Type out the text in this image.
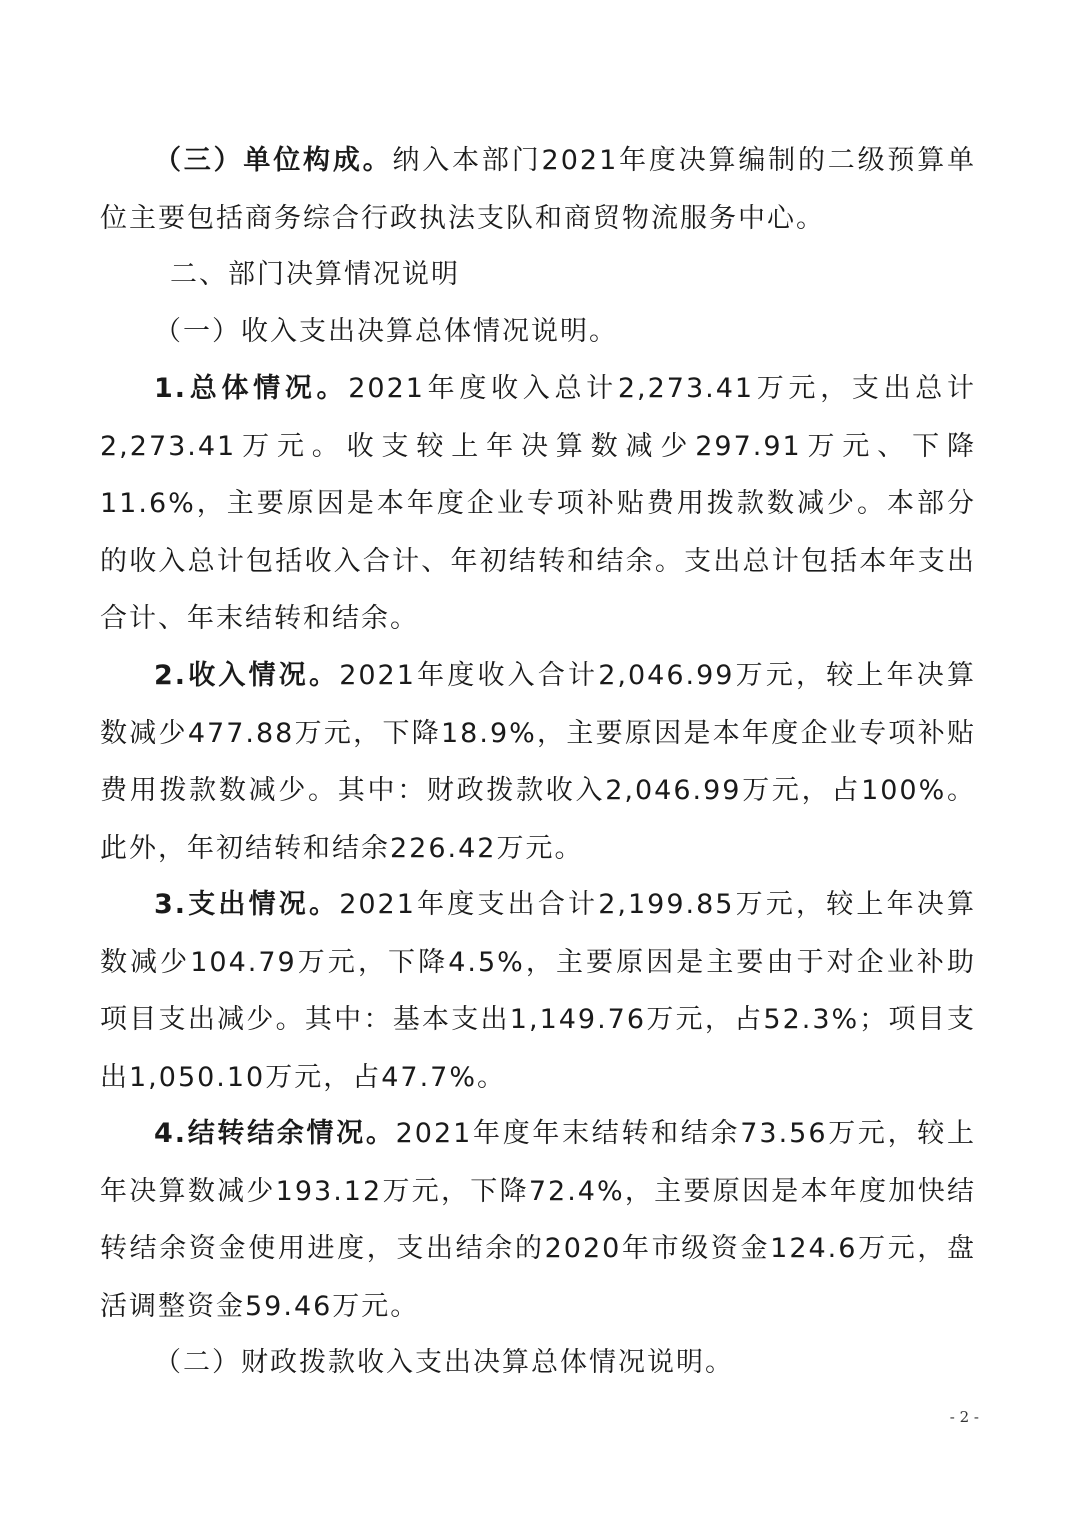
（三）单位构成。纳入本部门2021年度决算编制的二级预算单位主要包括商务综合行政执法支队和商贸物流服务中心。

二、部门决算情况说明

（一）收入支出决算总体情况说明。

1.总体情况。2021年度收入总计2,273.41万元，支出总计2,273.41万元。收支较上年决算数减少297.91万元、下降11.6%，主要原因是本年度企业专项补贴费用拨款数减少。本部分的收入总计包括收入合计、年初结转和结余。支出总计包括本年支出合计、年末结转和结余。

2.收入情况。2021年度收入合计2,046.99万元，较上年决算数减少477.88万元，下降18.9%，主要原因是本年度企业专项补贴费用拨款数减少。其中：财政拨款收入2,046.99万元，占100%。此外，年初结转和结余226.42万元。

3.支出情况。2021年度支出合计2,199.85万元，较上年决算数减少104.79万元，下降4.5%，主要原因是主要由于对企业补助项目支出减少。其中：基本支出1,149.76万元，占52.3%；项目支出1,050.10万元，占47.7%。

4.结转结余情况。2021年度年末结转和结余73.56万元，较上年决算数减少193.12万元，下降72.4%，主要原因是本年度加快结转结余资金使用进度，支出结余的2020年市级资金124.6万元，盘活调整资金59.46万元。

（二）财政拨款收入支出决算总体情况说明。

- 2 -
